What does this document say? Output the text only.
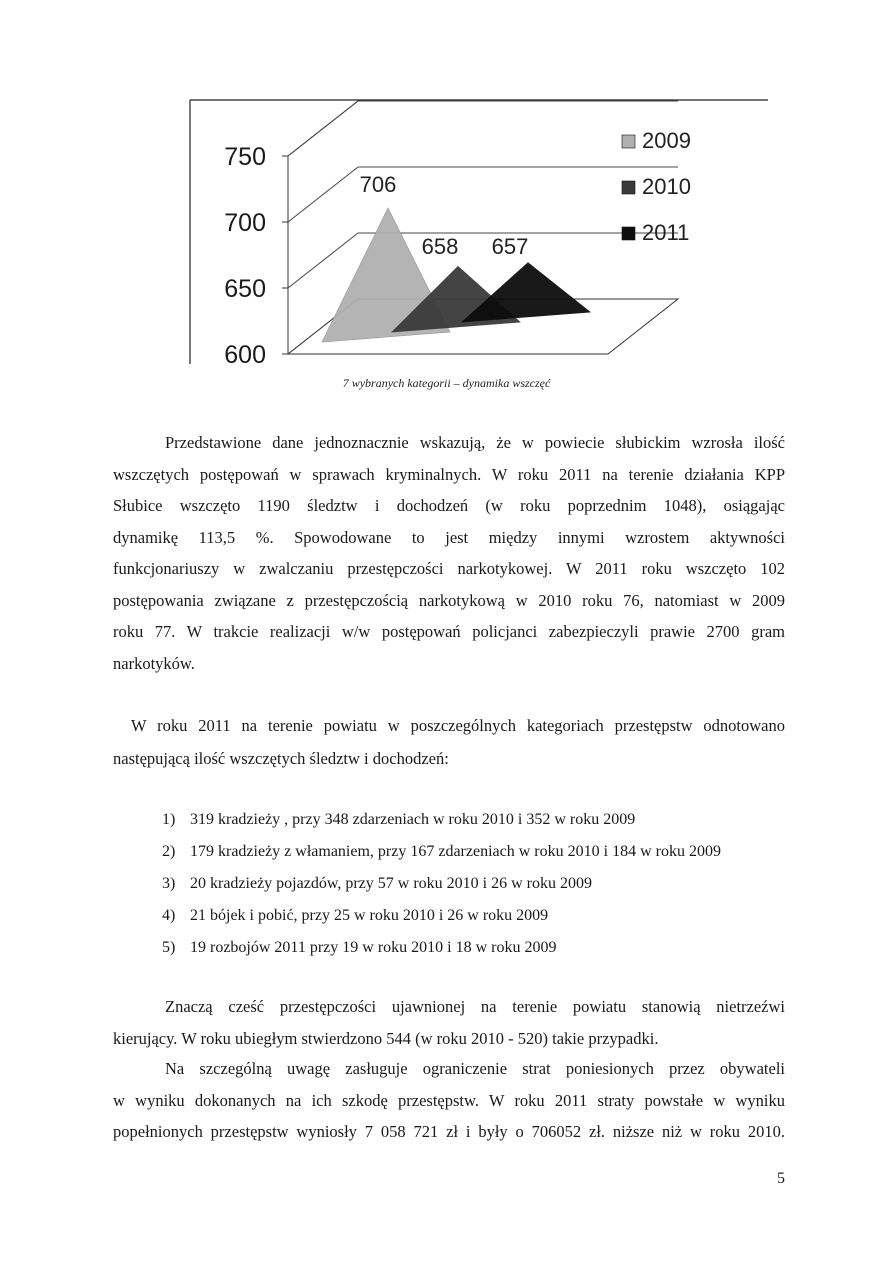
600
650
700
750
706
658 657
2009
2010
2011
7 wybranych kategorii – dynamika wszczęć
Przedstawione dane jednoznacznie wskazują, że w powiecie słubickim wzrosła ilość
wszczętych postępowań w sprawach kryminalnych. W roku 2011 na terenie działania KPP
Słubice wszczęto 1190 śledztw i dochodzeń (w roku poprzednim 1048), osiągając
dynamikę 113,5 %. Spowodowane to jest między innymi wzrostem aktywności
funkcjonariuszy w zwalczaniu przestępczości narkotykowej. W 2011 roku wszczęto 102
postępowania związane z przestępczością narkotykową w 2010 roku 76, natomiast w 2009
roku 77. W trakcie realizacji w/w postępowań policjanci zabezpieczyli prawie 2700 gram
narkotyków.
W roku 2011 na terenie powiatu w poszczególnych kategoriach przestępstw odnotowano
następującą ilość wszczętych śledztw i dochodzeń:
1) 319 kradzieży , przy 348 zdarzeniach w roku 2010 i 352 w roku 2009
2) 179 kradzieży z włamaniem, przy 167 zdarzeniach w roku 2010 i 184 w roku 2009
3) 20 kradzieży pojazdów, przy 57 w roku 2010 i 26 w roku 2009
4) 21 bójek i pobić, przy 25 w roku 2010 i 26 w roku 2009
5) 19 rozbojów 2011 przy 19 w roku 2010 i 18 w roku 2009
Znaczą cześć przestępczości ujawnionej na terenie powiatu stanowią nietrzeźwi
kierujący. W roku ubiegłym stwierdzono 544 (w roku 2010 - 520) takie przypadki.
Na szczególną uwagę zasługuje ograniczenie strat poniesionych przez obywateli
w wyniku dokonanych na ich szkodę przestępstw. W roku 2011 straty powstałe w wyniku
popełnionych przestępstw wyniosły 7 058 721 zł i były o 706052 zł. niższe niż w roku 2010.
5
